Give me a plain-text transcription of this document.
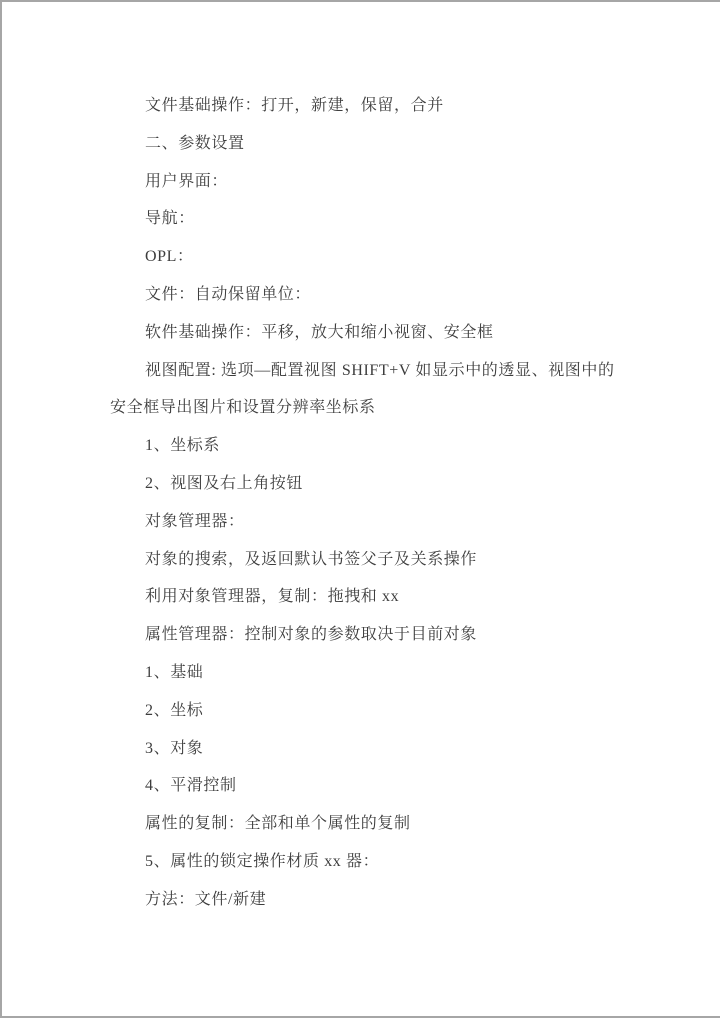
文件基础操作：打开，新建，保留，合并

二、参数设置

用户界面：

导航：

OPL：

文件：自动保留单位：

软件基础操作：平移，放大和缩小视窗、安全框

视图配置: 选项—配置视图 SHIFT+V 如显示中的透显、视图中的

安全框导出图片和设置分辨率坐标系

1、坐标系

2、视图及右上角按钮

对象管理器：

对象的搜索，及返回默认书签父子及关系操作

利用对象管理器，复制：拖拽和 xx

属性管理器：控制对象的参数取决于目前对象

1、基础

2、坐标

3、对象

4、平滑控制

属性的复制：全部和单个属性的复制

5、属性的锁定操作材质 xx 器：

方法：文件/新建
